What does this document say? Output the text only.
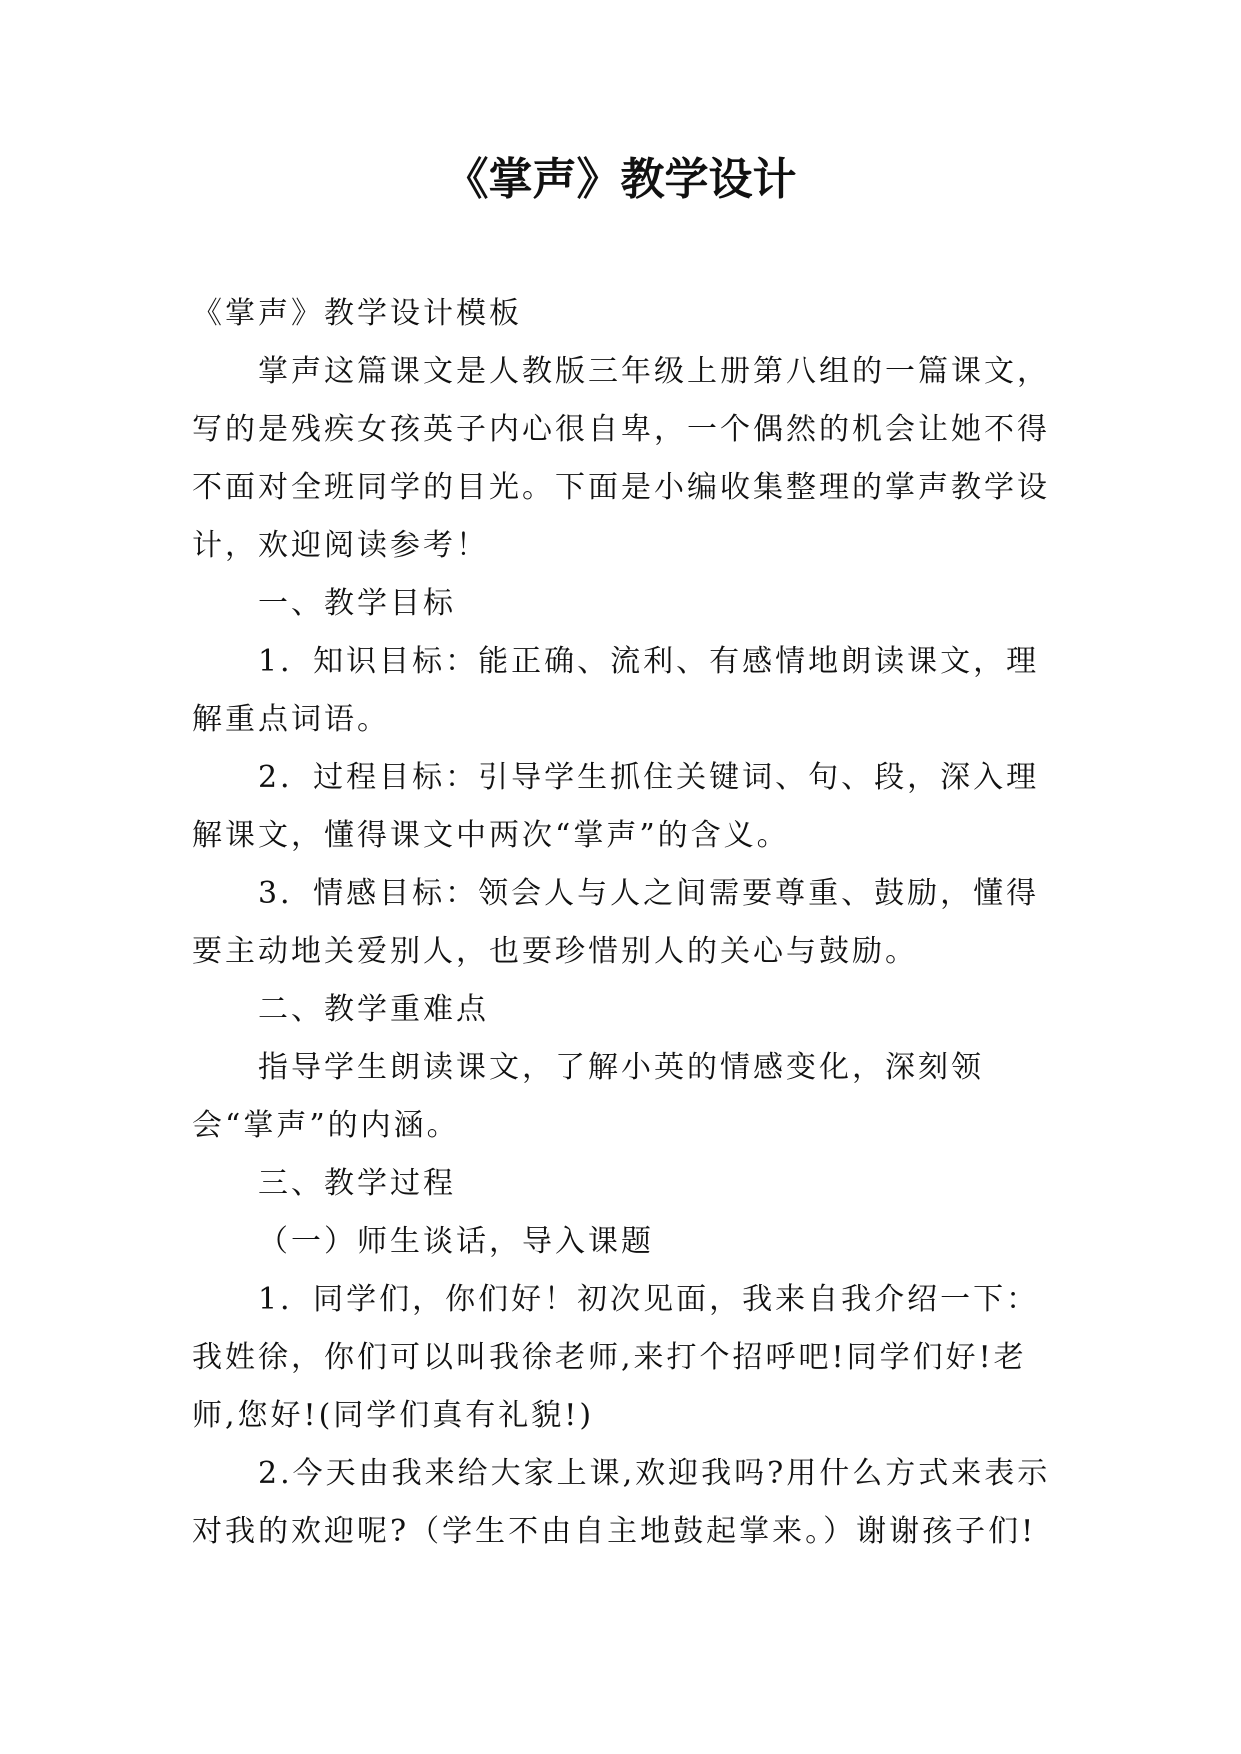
《掌声》教学设计

《掌声》教学设计模板

掌声这篇课文是人教版三年级上册第八组的一篇课文，写的是残疾女孩英子内心很自卑，一个偶然的机会让她不得不面对全班同学的目光。下面是小编收集整理的掌声教学设计，欢迎阅读参考！

一、教学目标

1．知识目标：能正确、流利、有感情地朗读课文，理解重点词语。

2．过程目标：引导学生抓住关键词、句、段，深入理解课文，懂得课文中两次“掌声”的含义。

3．情感目标：领会人与人之间需要尊重、鼓励，懂得要主动地关爱别人，也要珍惜别人的关心与鼓励。

二、教学重难点

指导学生朗读课文，了解小英的情感变化，深刻领会“掌声”的内涵。

三、教学过程

（一）师生谈话，导入课题

1．同学们，你们好！初次见面，我来自我介绍一下：我姓徐，你们可以叫我徐老师,来打个招呼吧!同学们好!老师,您好!(同学们真有礼貌!)

2.今天由我来给大家上课,欢迎我吗?用什么方式来表示对我的欢迎呢?（学生不由自主地鼓起掌来。）谢谢孩子们!
